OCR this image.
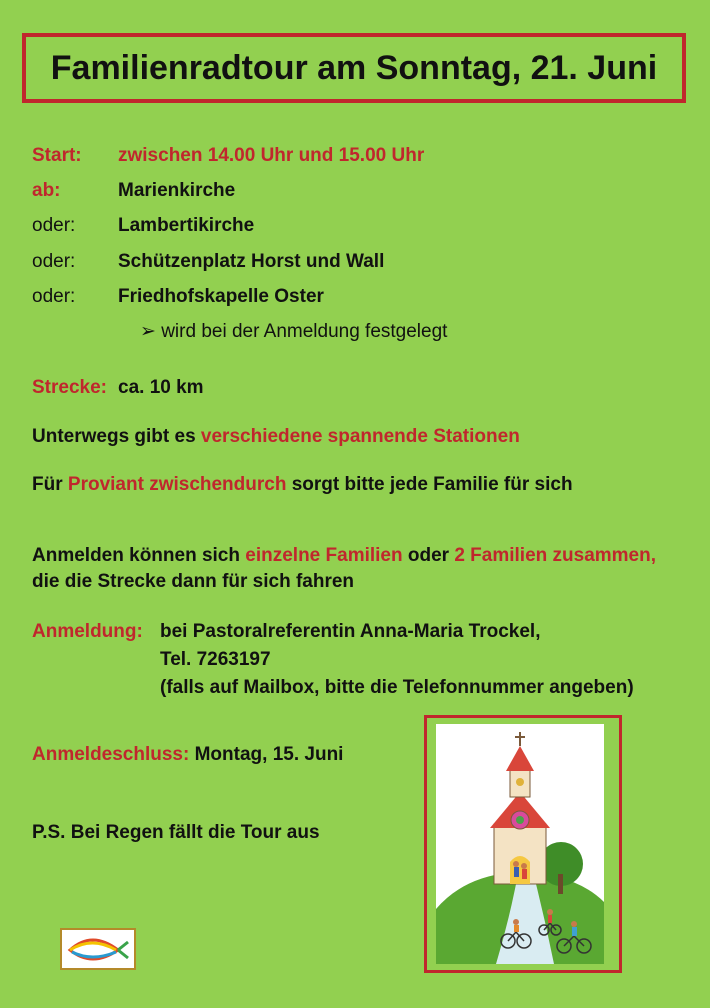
Familienradtour am Sonntag, 21. Juni
Start: zwischen 14.00 Uhr und 15.00 Uhr
ab:	Marienkirche
oder: Lambertikirche
oder: Schützenplatz Horst und Wall
oder: Friedhofskapelle Oster
➢ wird bei der Anmeldung festgelegt
Strecke: ca. 10 km
Unterwegs gibt es verschiedene spannende Stationen
Für Proviant zwischendurch sorgt bitte jede Familie für sich
Anmelden können sich einzelne Familien oder 2 Familien zusammen,
die die Strecke dann für sich fahren
Anmeldung: bei Pastoralreferentin Anna-Maria Trockel,
Tel. 7263197
(falls auf Mailbox, bitte die Telefonnummer angeben)
Anmeldeschluss: Montag, 15. Juni
P.S. Bei Regen fällt die Tour aus
